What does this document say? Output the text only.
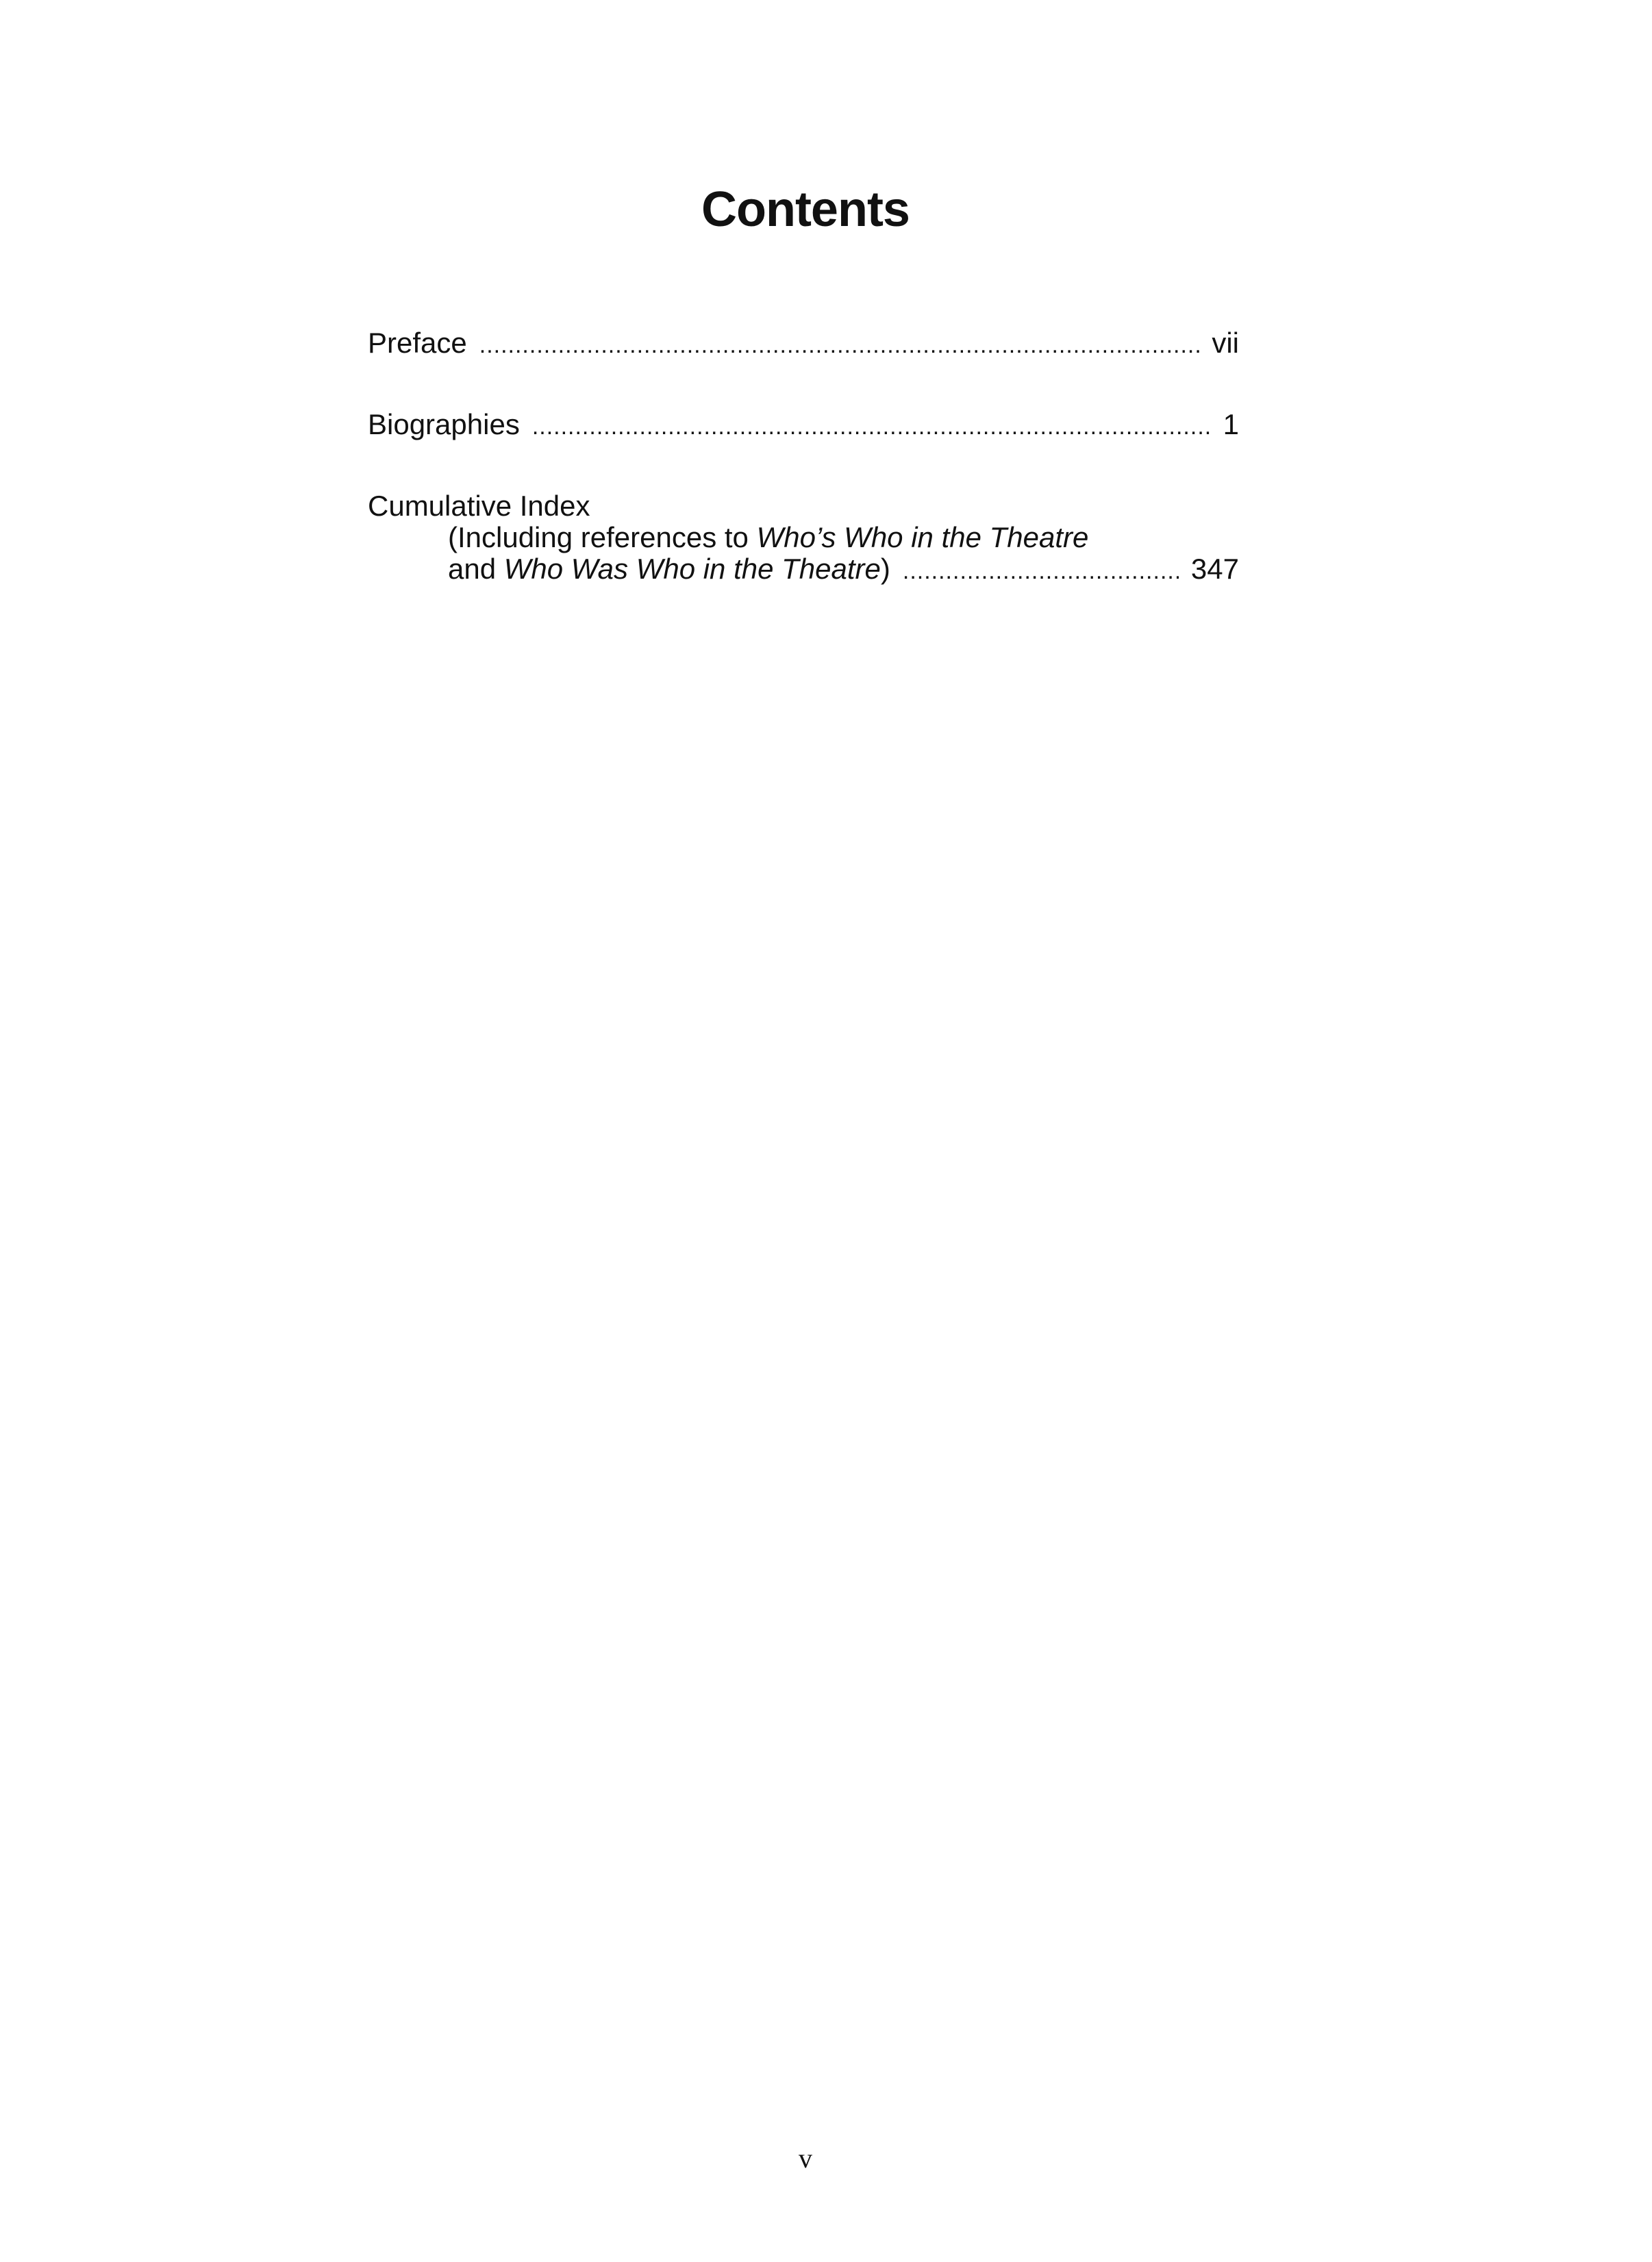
Contents
Preface .....	vii
Biographies .....	1
Cumulative Index
(Including references to Who’s Who in the Theatre
and Who Was Who in the Theatre) .....	347
v
